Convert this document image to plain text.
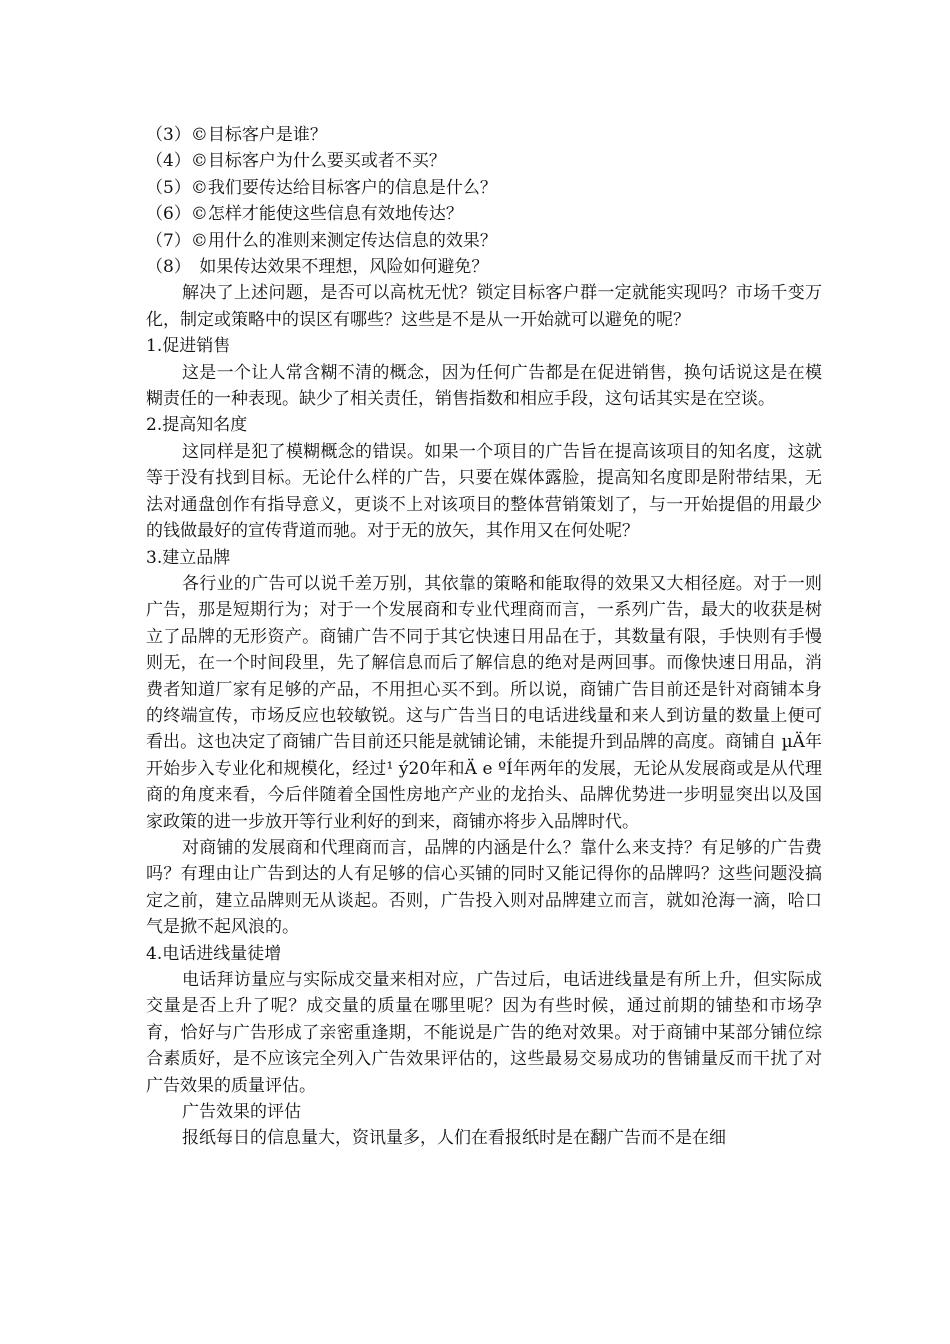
（3）©目标客户是谁？

（4）©目标客户为什么要买或者不买？

（5）©我们要传达给目标客户的信息是什么？

（6）©怎样才能使这些信息有效地传达？

（7）©用什么的准则来测定传达信息的效果？

（8）　如果传达效果不理想，风险如何避免？

解决了上述问题，是否可以高枕无忧？锁定目标客户群一定就能实现吗？市场千变万化，制定或策略中的误区有哪些？这些是不是从一开始就可以避免的呢？

1.促进销售

这是一个让人常含糊不清的概念，因为任何广告都是在促进销售，换句话说这是在模糊责任的一种表现。缺少了相关责任，销售指数和相应手段，这句话其实是在空谈。

2.提高知名度

这同样是犯了模糊概念的错误。如果一个项目的广告旨在提高该项目的知名度，这就等于没有找到目标。无论什么样的广告，只要在媒体露脸，提高知名度即是附带结果，无法对通盘创作有指导意义，更谈不上对该项目的整体营销策划了，与一开始提倡的用最少的钱做最好的宣传背道而驰。对于无的放矢，其作用又在何处呢？

3.建立品牌

各行业的广告可以说千差万别，其依靠的策略和能取得的效果又大相径庭。对于一则广告，那是短期行为；对于一个发展商和专业代理商而言，一系列广告，最大的收获是树立了品牌的无形资产。商铺广告不同于其它快速日用品在于，其数量有限，手快则有手慢则无，在一个时间段里，先了解信息而后了解信息的绝对是两回事。而像快速日用品，消费者知道厂家有足够的产品，不用担心买不到。所以说，商铺广告目前还是针对商铺本身的终端宣传，市场反应也较敏锐。这与广告当日的电话进线量和来人到访量的数量上便可看出。这也决定了商铺广告目前还只能是就铺论铺，未能提升到品牌的高度。商铺自 µÄ年开始步入专业化和规模化，经过¹ ý20年和Ä e ºÍ年两年的发展，无论从发展商或是从代理商的角度来看，今后伴随着全国性房地产产业的龙抬头、品牌优势进一步明显突出以及国家政策的进一步放开等行业利好的到来，商铺亦将步入品牌时代。

对商铺的发展商和代理商而言，品牌的内涵是什么？靠什么来支持？有足够的广告费吗？有理由让广告到达的人有足够的信心买铺的同时又能记得你的品牌吗？这些问题没搞定之前，建立品牌则无从谈起。否则，广告投入则对品牌建立而言，就如沧海一滴，哈口气是掀不起风浪的。

4.电话进线量徒增

电话拜访量应与实际成交量来相对应，广告过后，电话进线量是有所上升，但实际成交量是否上升了呢？成交量的质量在哪里呢？因为有些时候，通过前期的铺垫和市场孕育，恰好与广告形成了亲密重逢期，不能说是广告的绝对效果。对于商铺中某部分铺位综合素质好，是不应该完全列入广告效果评估的，这些最易交易成功的售铺量反而干扰了对广告效果的质量评估。

广告效果的评估

报纸每日的信息量大，资讯量多，人们在看报纸时是在翻广告而不是在细
